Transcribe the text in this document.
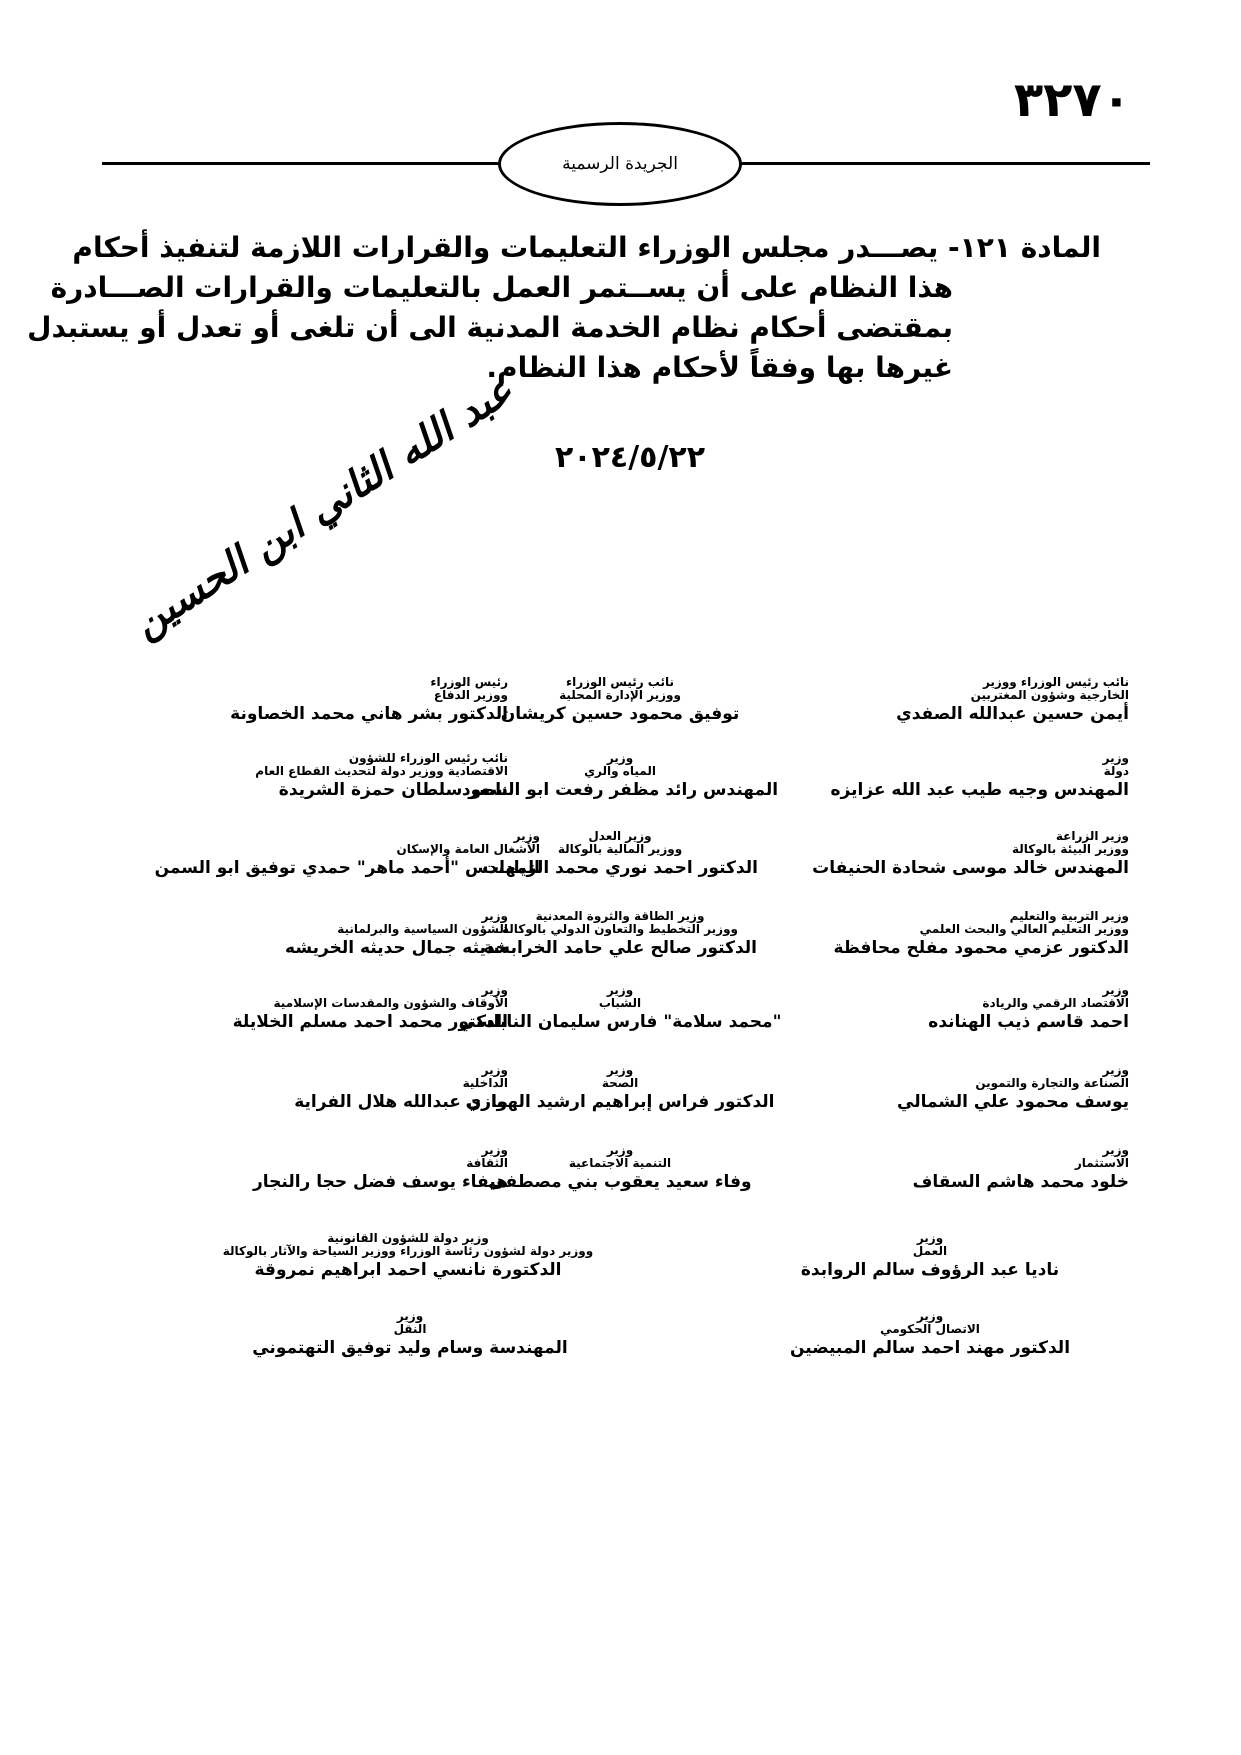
٣٢٧٠
الجريدة الرسمية
المادة ١٢١- يصـــدر مجلس الوزراء التعليمات والقرارات اللازمة لتنفيذ أحكام
هذا النظام على أن يســتمر العمل بالتعليمات والقرارات الصـــادرة
بمقتضى أحكام نظام الخدمة المدنية الى أن تلغى أو تعدل أو يستبدل
غيرها بها وفقاً لأحكام هذا النظام.
٢٠٢٤/٥/٢٢
عبد الله الثاني ابن الحسين
رئيس الوزراء
ووزير الدفاع
الدكتور بشر هاني محمد الخصاونة
نائب رئيس الوزراء
ووزير الإدارة المحلية
توفيق محمود حسين كريشان
نائب رئيس الوزراء ووزير
الخارجية وشؤون المغتربين
أيمن حسين عبدالله الصفدي
نائب رئيس الوزراء للشؤون
الاقتصادية ووزير دولة لتحديث القطاع العام
ناصر سلطان حمزة الشريدة
وزير
المياه والري
المهندس رائد مظفر رفعت ابو السعود
وزير
دولة
المهندس وجيه طيب عبد الله عزايزه
وزير
الأشغال العامة والإسكان
المهندس "أحمد ماهر" حمدي توفيق ابو السمن
وزير العدل
ووزير المالية بالوكالة
الدكتور احمد نوري محمد الزيادات
وزير الزراعة
ووزير البيئة بالوكالة
المهندس خالد موسى شحادة الحنيفات
وزير
الشؤون السياسية والبرلمانية
حديثه جمال حديثه الخريشه
وزير الطاقة والثروة المعدنية
ووزير التخطيط والتعاون الدولي بالوكالة
الدكتور صالح علي حامد الخرابشة
وزير التربية والتعليم
ووزير التعليم العالي والبحث العلمي
الدكتور عزمي محمود مفلح محافظة
وزير
الأوقاف والشؤون والمقدسات الإسلامية
الدكتور محمد احمد مسلم الخلايلة
وزير
الشباب
"محمد سلامة" فارس سليمان النابلسي
وزير
الاقتصاد الرقمي والريادة
احمد قاسم ذيب الهنانده
وزير
الداخلية
مازن عبدالله هلال الفراية
وزير
الصحة
الدكتور فراس إبراهيم ارشيد الهواري
وزير
الصناعة والتجارة والتموين
يوسف محمود علي الشمالي
وزير
الثقافة
هيفاء يوسف فضل حجا رالنجار
وزير
التنمية الاجتماعية
وفاء سعيد يعقوب بني مصطفى
وزير
الاستثمار
خلود محمد هاشم السقاف
وزير دولة للشؤون القانونية
ووزير دولة لشؤون رئاسة الوزراء ووزير السياحة والآثار بالوكالة
الدكتورة نانسي احمد ابراهيم نمروقة
وزير
العمل
ناديا عبد الرؤوف سالم الروابدة
وزير
النقل
المهندسة وسام وليد توفيق التهتموني
وزير
الاتصال الحكومي
الدكتور مهند احمد سالم المبيضين
